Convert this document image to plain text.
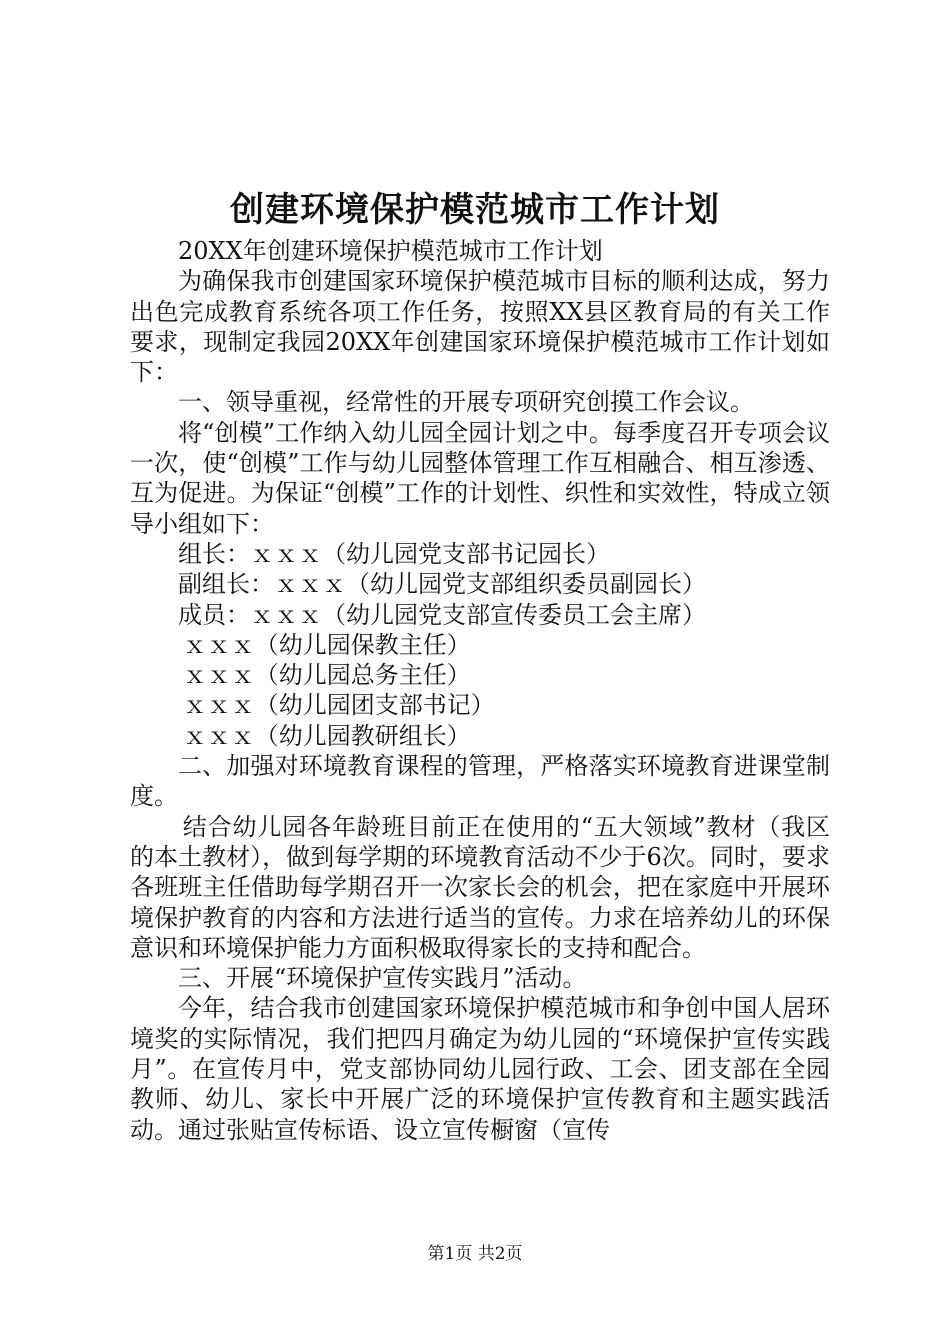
创建环境保护模范城市工作计划

20XX年创建环境保护模范城市工作计划

为确保我市创建国家环境保护模范城市目标的顺利达成，努力出色完成教育系统各项工作任务，按照XX县区教育局的有关工作要求，现制定我园20XX年创建国家环境保护模范城市工作计划如下：

一、领导重视，经常性的开展专项研究创摸工作会议。

将“创模”工作纳入幼儿园全园计划之中。每季度召开专项会议一次，使“创模”工作与幼儿园整体管理工作互相融合、相互渗透、互为促进。为保证“创模”工作的计划性、织性和实效性，特成立领导小组如下：

组长：ｘｘｘ（幼儿园党支部书记园长）

副组长：ｘｘｘ（幼儿园党支部组织委员副园长）

成员：ｘｘｘ（幼儿园党支部宣传委员工会主席）

ｘｘｘ（幼儿园保教主任）

ｘｘｘ（幼儿园总务主任）

ｘｘｘ（幼儿园团支部书记）

ｘｘｘ（幼儿园教研组长）

二、加强对环境教育课程的管理，严格落实环境教育进课堂制度。

结合幼儿园各年龄班目前正在使用的“五大领域”教材（我区的本土教材），做到每学期的环境教育活动不少于6次。同时，要求各班班主任借助每学期召开一次家长会的机会，把在家庭中开展环境保护教育的内容和方法进行适当的宣传。力求在培养幼儿的环保意识和环境保护能力方面积极取得家长的支持和配合。

三、开展“环境保护宣传实践月”活动。

今年，结合我市创建国家环境保护模范城市和争创中国人居环境奖的实际情况，我们把四月确定为幼儿园的“环境保护宣传实践月”。在宣传月中，党支部协同幼儿园行政、工会、团支部在全园教师、幼儿、家长中开展广泛的环境保护宣传教育和主题实践活动。通过张贴宣传标语、设立宣传橱窗（宣传

第1页 共2页
